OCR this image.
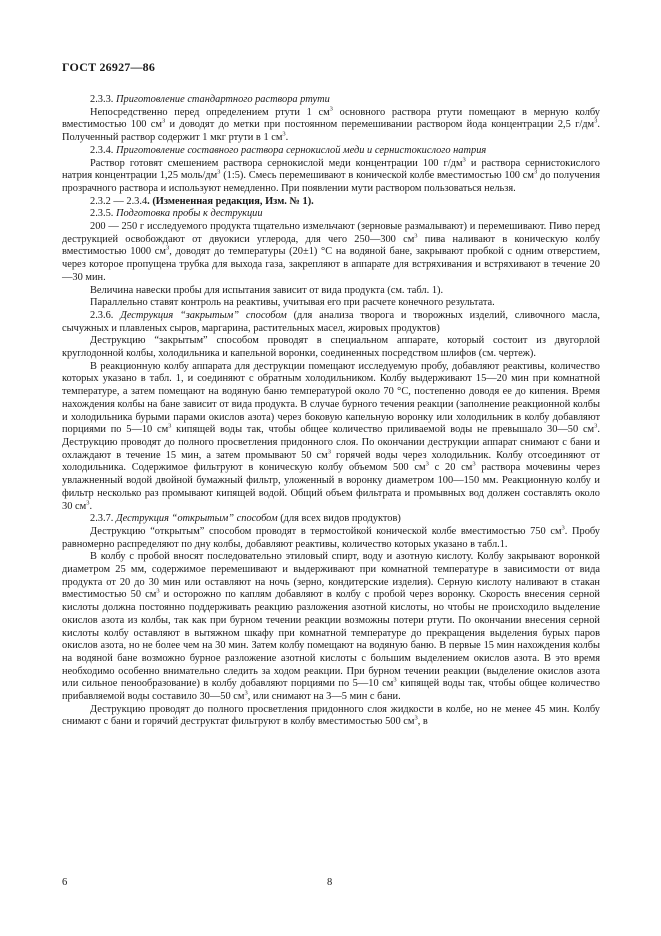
ГОСТ 26927—86

2.3.3. Приготовление стандартного раствора ртути

Непосредственно перед определением ртути 1 $см^3$ основного раствора ртути помещают в мерную колбу вместимостью 100 $см^3$ и доводят до метки при постоянном перемешивании раствором йода концентрации 2,5 $г/дм^3$. Полученный раствор содержит 1 мкг ртути в 1 $см^3$.

2.3.4. Приготовление составного раствора сернокислой меди и сернистокислого натрия

Раствор готовят смешением раствора сернокислой меди концентрации 100 $г/дм^3$ и раствора сернистокислого натрия концентрации 1,25 моль/$дм^3$ (1:5). Смесь перемешивают в конической колбе вместимостью 100 $см^3$ до получения прозрачного раствора и используют немедленно. При появлении мути раствором пользоваться нельзя.

2.3.2 — 2.3.4. (Измененная редакция, Изм. № 1).

2.3.5. Подготовка пробы к деструкции

200 — 250 г исследуемого продукта тщательно измельчают (зерновые размалывают) и перемешивают. Пиво перед деструкцией освобождают от двуокиси углерода, для чего 250—300 $см^3$ пива наливают в коническую колбу вместимостью 1000 $см^3$, доводят до температуры (20±1) °С на водяной бане, закрывают пробкой с одним отверстием, через которое пропущена трубка для выхода газа, закрепляют в аппарате для встряхивания и встряхивают в течение 20—30 мин.

Величина навески пробы для испытания зависит от вида продукта (см. табл. 1).

Параллельно ставят контроль на реактивы, учитывая его при расчете конечного результата.

2.3.6. Деструкция “закрытым” способом (для анализа творога и творожных изделий, сливочного масла, сычужных и плавленых сыров, маргарина, растительных масел, жировых продуктов)

Деструкцию “закрытым” способом проводят в специальном аппарате, который состоит из двугорлой круглодонной колбы, холодильника и капельной воронки, соединенных посредством шлифов (см. чертеж).

В реакционную колбу аппарата для деструкции помещают исследуемую пробу, добавляют реактивы, количество которых указано в табл. 1, и соединяют с обратным холодильником. Колбу выдерживают 15—20 мин при комнатной температуре, а затем помещают на водяную баню температурой около 70 °С, постепенно доводя ее до кипения. Время нахождения колбы на бане зависит от вида продукта. В случае бурного течения реакции (заполнение реакционной колбы и холодильника бурыми парами окислов азота) через боковую капельную воронку или холодильник в колбу добавляют порциями по 5—10 $см^3$ кипящей воды так, чтобы общее количество приливаемой воды не превышало 30—50 $см^3$. Деструкцию проводят до полного просветления придонного слоя. По окончании деструкции аппарат снимают с бани и охлаждают в течение 15 мин, а затем промывают 50 $см^3$ горячей воды через холодильник. Колбу отсоединяют от холодильника. Содержимое фильтруют в коническую колбу объемом 500 $см^3$ с 20 $см^3$ раствора мочевины через увлажненный водой двойной бумажный фильтр, уложенный в воронку диаметром 100—150 мм. Реакционную колбу и фильтр несколько раз промывают кипящей водой. Общий объем фильтрата и промывных вод должен составлять около 30 $см^3$.

2.3.7. Деструкция “открытым” способом (для всех видов продуктов)

Деструкцию “открытым” способом проводят в термостойкой конической колбе вместимостью 750 $см^3$. Пробу равномерно распределяют по дну колбы, добавляют реактивы, количество которых указано в табл.1.

В колбу с пробой вносят последовательно этиловый спирт, воду и азотную кислоту. Колбу закрывают воронкой диаметром 25 мм, содержимое перемешивают и выдерживают при комнатной температуре в зависимости от вида продукта от 20 до 30 мин или оставляют на ночь (зерно, кондитерские изделия). Серную кислоту наливают в стакан вместимостью 50 $см^3$ и осторожно по каплям добавляют в колбу с пробой через воронку. Скорость внесения серной кислоты должна постоянно поддерживать реакцию разложения азотной кислоты, но чтобы не происходило выделение окислов азота из колбы, так как при бурном течении реакции возможны потери ртути. По окончании внесения серной кислоты колбу оставляют в вытяжном шкафу при комнатной температуре до прекращения выделения бурых паров окислов азота, но не более чем на 30 мин. Затем колбу помещают на водяную баню. В первые 15 мин нахождения колбы на водяной бане возможно бурное разложение азотной кислоты с большим выделением окислов азота. В это время необходимо особенно внимательно следить за ходом реакции. При бурном течении реакции (выделение окислов азота или сильное пенообразование) в колбу добавляют порциями по 5—10 $см^3$ кипящей воды так, чтобы общее количество прибавляемой воды составило 30—50 $см^3$, или снимают на 3—5 мин с бани.

Деструкцию проводят до полного просветления придонного слоя жидкости в колбе, но не менее 45 мин. Колбу снимают с бани и горячий деструктат фильтруют в колбу вместимостью 500 $см^3$, в

6	8
